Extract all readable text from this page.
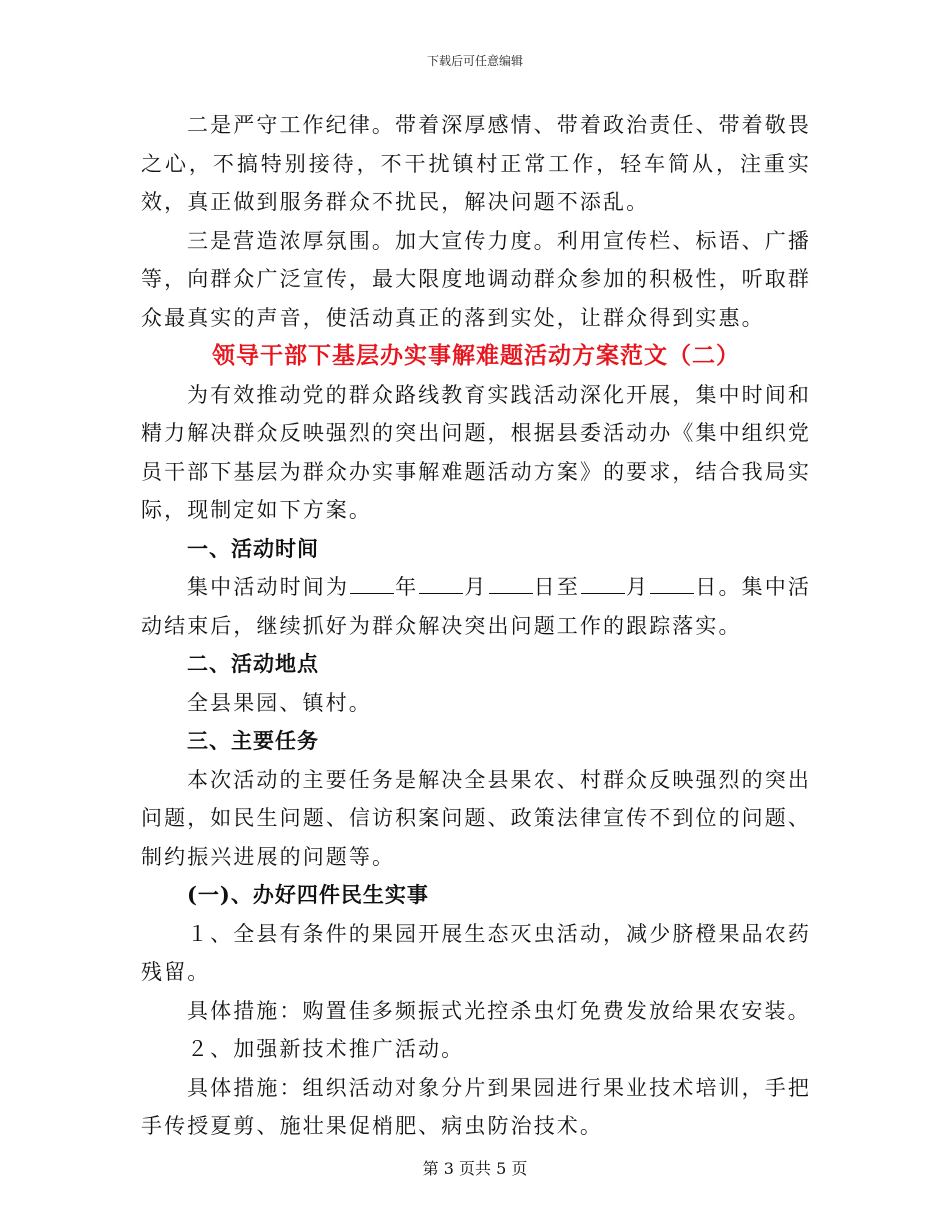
下载后可任意编辑

二是严守工作纪律。带着深厚感情、带着政治责任、带着敬畏之心，不搞特别接待，不干扰镇村正常工作，轻车简从，注重实效，真正做到服务群众不扰民，解决问题不添乱。

三是营造浓厚氛围。加大宣传力度。利用宣传栏、标语、广播等，向群众广泛宣传，最大限度地调动群众参加的积极性，听取群众最真实的声音，使活动真正的落到实处，让群众得到实惠。

领导干部下基层办实事解难题活动方案范文（二）

为有效推动党的群众路线教育实践活动深化开展，集中时间和精力解决群众反映强烈的突出问题，根据县委活动办《集中组织党员干部下基层为群众办实事解难题活动方案》的要求，结合我局实际，现制定如下方案。

一、活动时间

集中活动时间为 年 月 日至 月 日。集中活动结束后，继续抓好为群众解决突出问题工作的跟踪落实。

二、活动地点

全县果园、镇村。

三、主要任务

本次活动的主要任务是解决全县果农、村群众反映强烈的突出问题，如民生问题、信访积案问题、政策法律宣传不到位的问题、制约振兴进展的问题等。

(一)、办好四件民生实事

１、全县有条件的果园开展生态灭虫活动，减少脐橙果品农药残留。

具体措施：购置佳多频振式光控杀虫灯免费发放给果农安装。

２、加强新技术推广活动。

具体措施：组织活动对象分片到果园进行果业技术培训，手把手传授夏剪、施壮果促梢肥、病虫防治技术。

第 3 页共 5 页
